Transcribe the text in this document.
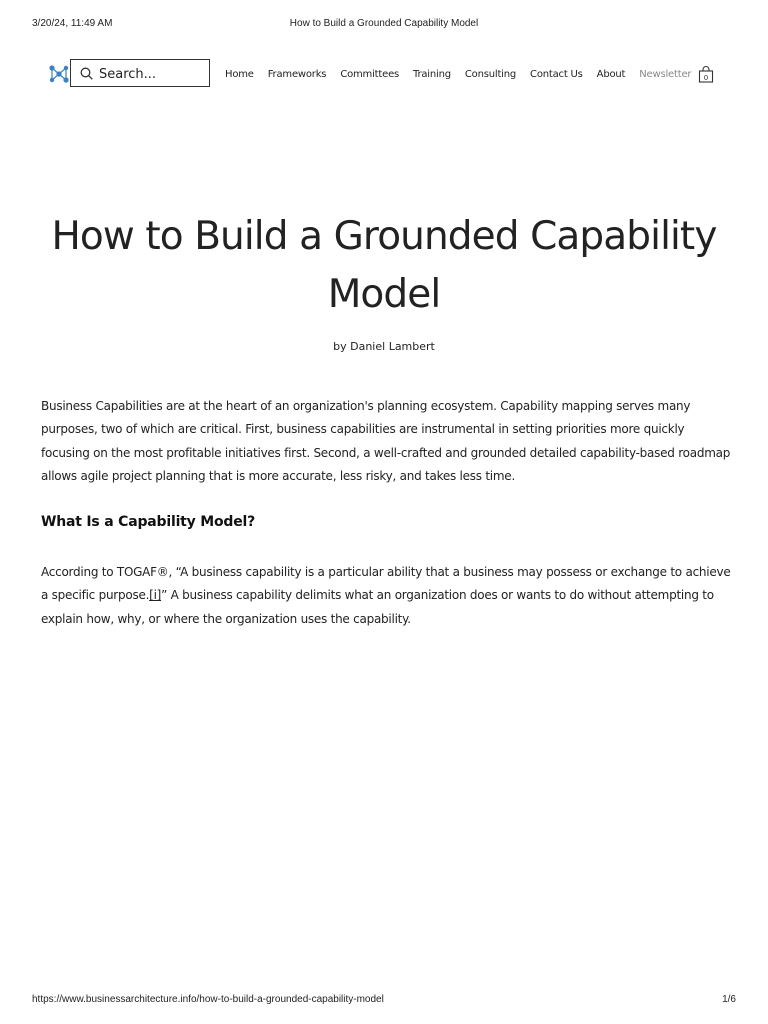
3/20/24, 11:49 AM	How to Build a Grounded Capability Model
Search...
Home Frameworks Committees Training Consulting Contact Us About Newsletter 0
How to Build a Grounded Capability Model
by Daniel Lambert

Business Capabilities are at the heart of an organization's planning ecosystem. Capability mapping serves many purposes, two of which are critical. First, business capabilities are instrumental in setting priorities more quickly focusing on the most profitable initiatives first. Second, a well-crafted and grounded detailed capability-based roadmap allows agile project planning that is more accurate, less risky, and takes less time.

What Is a Capability Model?

According to TOGAF®, “A business capability is a particular ability that a business may possess or exchange to achieve a specific purpose.[i]” A business capability delimits what an organization does or wants to do without attempting to explain how, why, or where the organization uses the capability.

https://www.businessarchitecture.info/how-to-build-a-grounded-capability-model	1/6
